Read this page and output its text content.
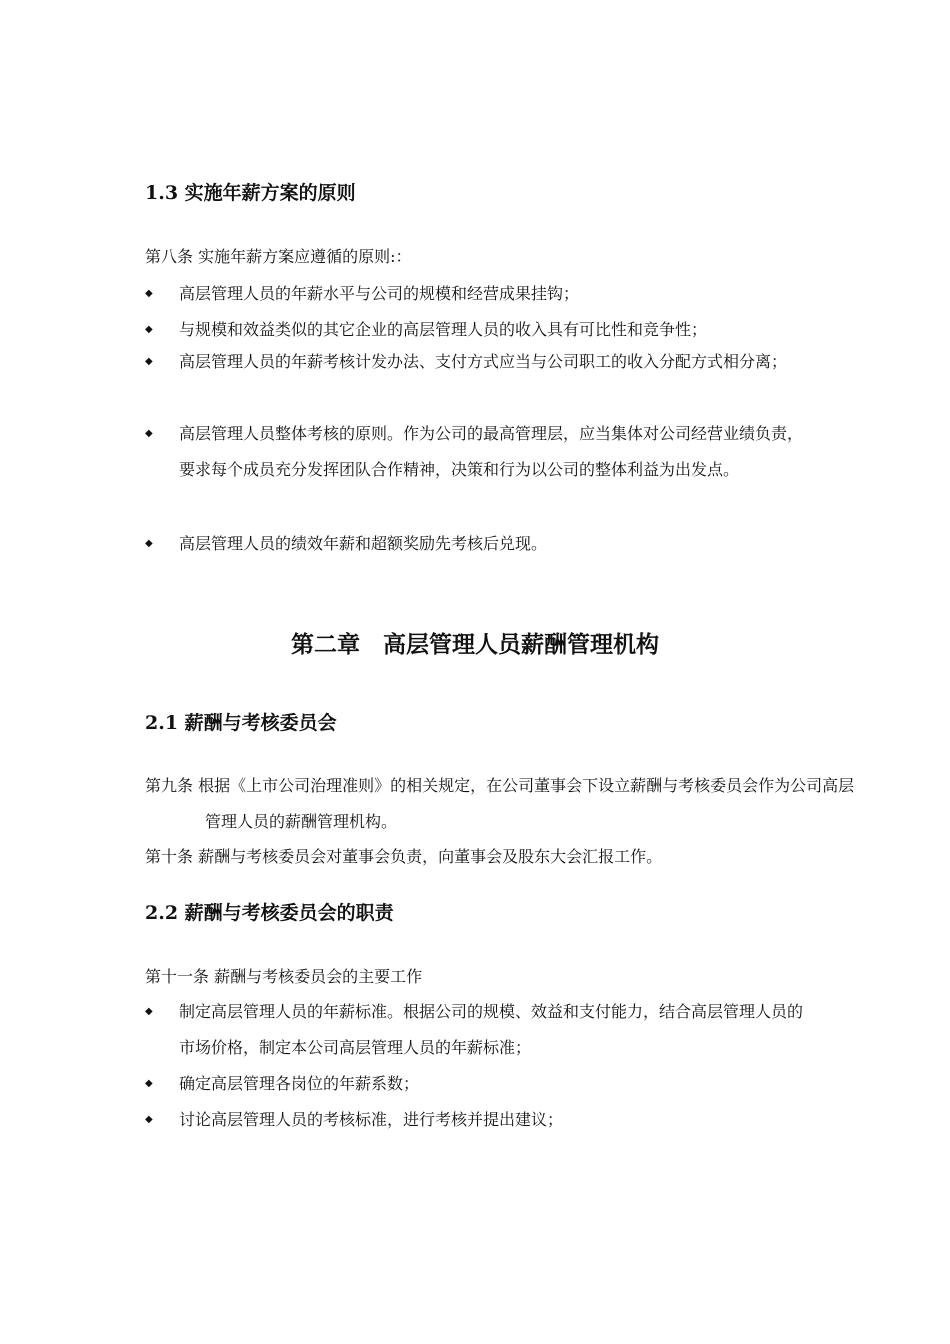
1.3 实施年薪方案的原则

第八条 实施年薪方案应遵循的原则:：

◆	高层管理人员的年薪水平与公司的规模和经营成果挂钩；
◆	与规模和效益类似的其它企业的高层管理人员的收入具有可比性和竞争性；
◆	高层管理人员的年薪考核计发办法、支付方式应当与公司职工的收入分配方式相分离；
◆	高层管理人员整体考核的原则。作为公司的最高管理层，应当集体对公司经营业绩负责，要求每个成员充分发挥团队合作精神，决策和行为以公司的整体利益为出发点。
◆	高层管理人员的绩效年薪和超额奖励先考核后兑现。
第二章　高层管理人员薪酬管理机构
2.1 薪酬与考核委员会

第九条 根据《上市公司治理准则》的相关规定，在公司董事会下设立薪酬与考核委员会作为公司高层管理人员的薪酬管理机构。

第十条 薪酬与考核委员会对董事会负责，向董事会及股东大会汇报工作。

2.2 薪酬与考核委员会的职责

第十一条 薪酬与考核委员会的主要工作

◆	制定高层管理人员的年薪标准。根据公司的规模、效益和支付能力，结合高层管理人员的市场价格，制定本公司高层管理人员的年薪标准；
◆	确定高层管理各岗位的年薪系数；
◆	讨论高层管理人员的考核标准，进行考核并提出建议；
